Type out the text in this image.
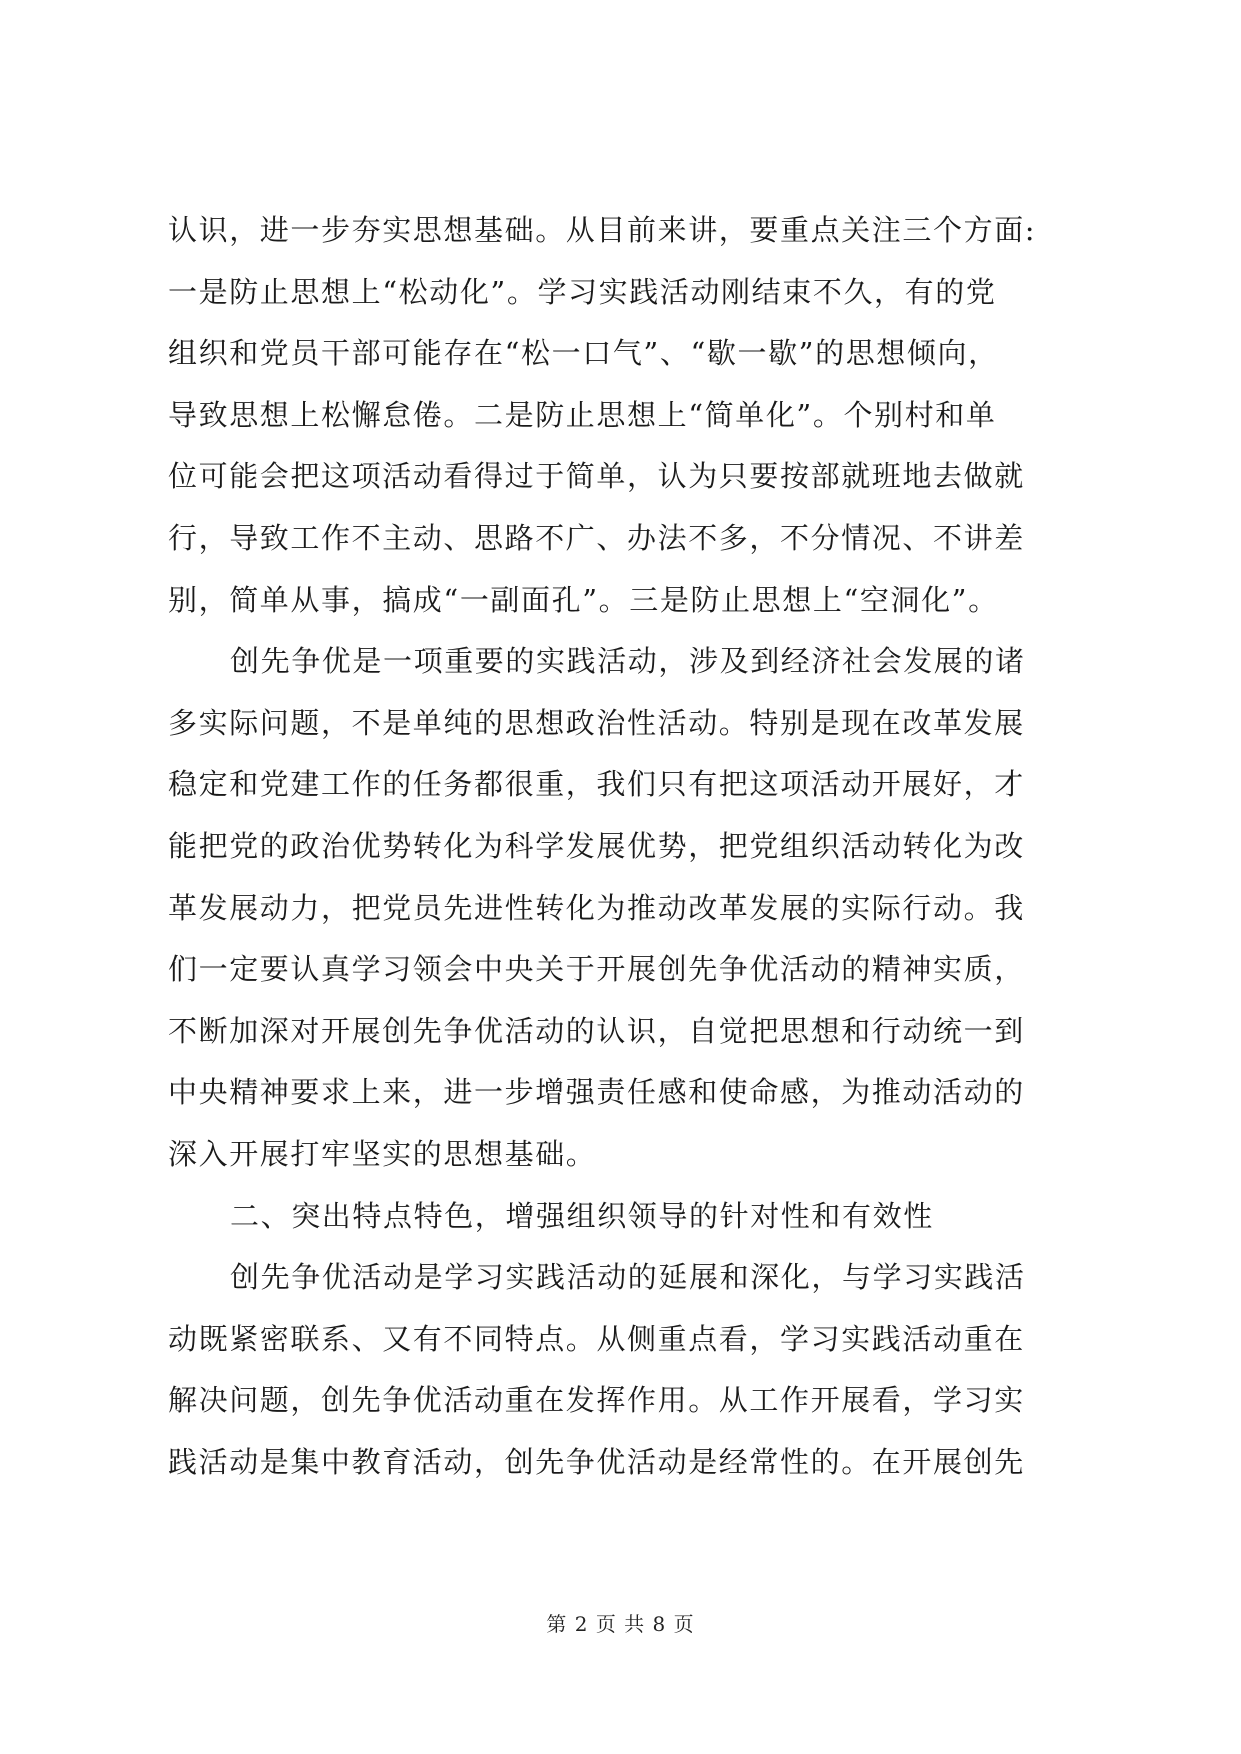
认识，进一步夯实思想基础。从目前来讲，要重点关注三个方面:
一是防止思想上“松动化”。学习实践活动刚结束不久，有的党
组织和党员干部可能存在“松一口气”、“歇一歇”的思想倾向，
导致思想上松懈怠倦。二是防止思想上“简单化”。个别村和单
位可能会把这项活动看得过于简单，认为只要按部就班地去做就
行，导致工作不主动、思路不广、办法不多，不分情况、不讲差
别，简单从事，搞成“一副面孔”。三是防止思想上“空洞化”。
创先争优是一项重要的实践活动，涉及到经济社会发展的诸
多实际问题，不是单纯的思想政治性活动。特别是现在改革发展
稳定和党建工作的任务都很重，我们只有把这项活动开展好，才
能把党的政治优势转化为科学发展优势，把党组织活动转化为改
革发展动力，把党员先进性转化为推动改革发展的实际行动。我
们一定要认真学习领会中央关于开展创先争优活动的精神实质，
不断加深对开展创先争优活动的认识，自觉把思想和行动统一到
中央精神要求上来，进一步增强责任感和使命感，为推动活动的
深入开展打牢坚实的思想基础。
二、突出特点特色，增强组织领导的针对性和有效性
创先争优活动是学习实践活动的延展和深化，与学习实践活
动既紧密联系、又有不同特点。从侧重点看，学习实践活动重在
解决问题，创先争优活动重在发挥作用。从工作开展看，学习实
践活动是集中教育活动，创先争优活动是经常性的。在开展创先
第 2 页 共 8 页
